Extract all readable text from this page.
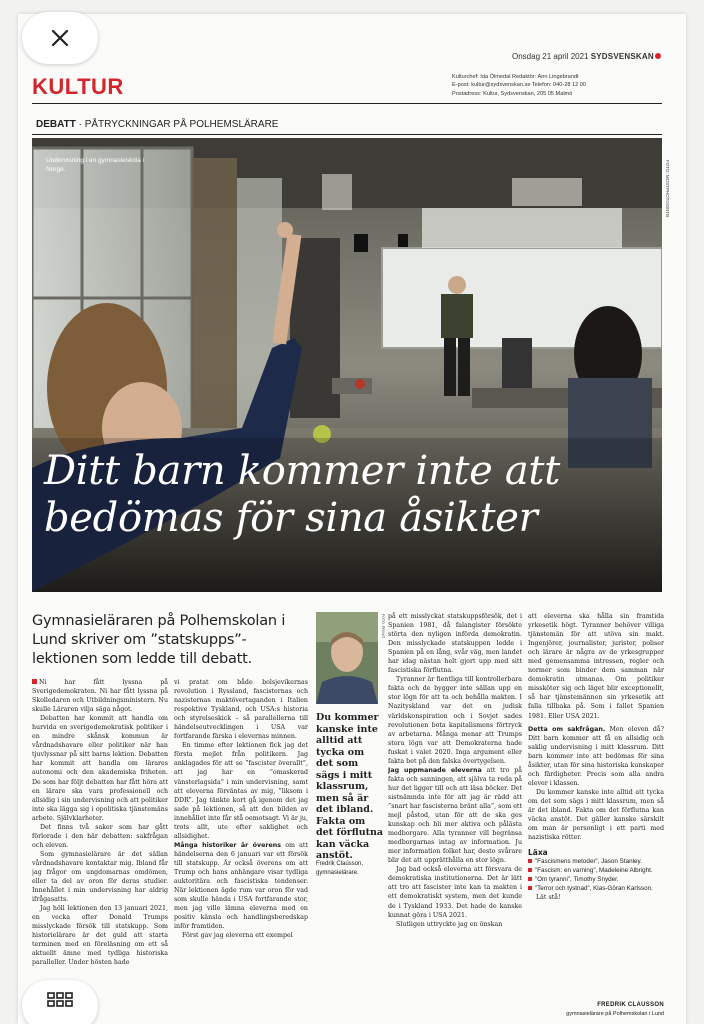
Onsdag 21 april 2021 SYDSVENSKAN
KULTUR	Kulturchef: Ida Ölmedal Redaktör: Ann Lingebrandt
E-post: kultur@sydsvenskan.se Telefon: 040-28 12 00
Postadress: Kultur, Sydsvenskan, 205 05 Malmö
DEBATT · PÅTRYCKNINGAR PÅ POLHEMSLÄRARE
Undervisning i en gymnasieskola i Norge.	FOTO: MOSTPHOTOS/NTB
Ditt barn kommer inte att
bedömas för sina åsikter
Gymnasieläraren på Polhemskolan i Lund skriver om ”statskupps”-lektionen som ledde till debatt.

Ni har fått lyssna på Sverigedemokraten. Ni har fått lyssna på Skolledaren och Utbildningsministern. Nu skulle Läraren vilja säga något.

Debatten har kommit att handla om hurvida en sverigedemokratisk politiker i en mindre skånsk kommun är vårdnadshavare eller politiker när han tjuvlyssnar på sitt barns lektion. Debatten har kommit att handla om lärares autonomi och den akademiska friheten. De som har följt debatten har fått höra att en lärare ska vara professionell och allsidig i sin undervisning och att politiker inte ska lägga sig i opolitiska tjänstemäns arbete. Självklarheter.

Det finns två saker som har gått förlorade i den här debatten: sakfrågan och eleven.

Som gymnasielärare är det sällan vårdnadshavare kontaktar mig. Ibland får jag frågor om ungdomarnas omdömen, eller ta del av oron för deras studier. Innehållet i min undervisning har aldrig ifrågasatts.

Jag höll lektionen den 13 januari 2021, en vecka efter Donald Trumps misslyckade försök till statskupp. Som historielärare är det guld att starta terminen med en föreläsning om ett så aktuellt ämne med tydliga historiska paralleller. Under hösten hade

vi pratat om både bolsjevikernas revolution i Ryssland, fascisternas och nazisternas maktövertaganden i Italien respektive Tyskland, och USA:s historia och styrelseskick – så parallellerna till händelseutvecklingen i USA var fortfarande färska i elevernas minnen.

En timme efter lektionen fick jag det första mejlet från politikern. Jag anklagades för att se ”fascister överallt”, att jag har en ”omaskerad vänsterlagsida” i min undervisning, samt att eleverna förväntas av mig, ”liksom i DDR”. Jag tänkte kort gå igenom det jag sade på lektionen, så att den bilden av innehållet inte får stå oemotsagt. Vi är ju, trots allt, ute efter saklighet och allsidighet.

Många historiker är överens om att händelserna den 6 januari var ett försök till statskupp. Är också överens om att Trump och hans anhängare visar tydliga auktoritära och fascistiska tendenser. När lektionen ägde rum var oron för vad som skulle hända i USA fortfarande stor, men jag ville lämna eleverna med en positiv känsla och handlingsberedskap inför framtiden.

Först gav jag eleverna ett exempel

FOTO: PRIVAT
Du kommer kanske inte alltid att tycka om det som sägs i mitt klassrum, men så är det ibland. Fakta om det förflutna kan väcka anstöt.
Fredrik Claússon,
gymnasielärare.

på ett misslyckat statskuppsförsök, det i Spanien 1981, då falangister försökte störta den nyligen införda demokratin. Den misslyckade statskuppen ledde i Spanien på en lång, svår väg, men landet har idag nästan helt gjort upp med sitt fascistiska förflutna.

Tyranner är fientliga till kontrollerbara fakta och de bygger inte sällan upp en stor lögn för att ta och behålla makten. I Nazityskland var det en judisk världskonspiration och i Sovjet sades revolutionen bota kapitalismens förtryck av arbetarna. Många menar att Trumps stora lögn var att Demokraterna hade fuskat i valet 2020. Inga argument eller fakta bet på den falska övertygelsen.

Jag uppmanade eleverna att tro på fakta och sanningen, att själva ta reda på hur det ligger till och att läsa böcker. Det sistnämnda inte för att jag är rädd att ”snart har fascisterna bränt alla”, som ett mejl påstod, utan för att de ska ges kunskap och bli mer aktiva och pålästa medborgare. Alla tyranner vill begränsa medborgarnas intag av information. Ju mer information folket har, desto svårare blir det att upprätthålla en stor lögn.

Jag bad också eleverna att försvara de demokratiska institutionerna. Det är lätt att tro att fascister inte kan ta makten i ett demokratiskt system, men det kunde de i Tyskland 1933. Det hade de kanske kunnat göra i USA 2021.

Slutligen uttryckte jag en önskan

att eleverna ska hålla sin framtida yrkesetik högt. Tyranner behöver villiga tjänstemän för att utöva sin makt. Ingenjörer, journalister, jurister, poliser och lärare är några av de yrkesgrupper med gemensamma intressen, regler och normer som binder dem samman när demokratin utmanas. Om politiker missköter sig och läget blir exceptionellt, så har tjänstemännen sin yrkesetik att falla tillbaka på. Som i fallet Spanien 1981. Eller USA 2021.

Detta om sakfrågan. Men eleven då? Ditt barn kommer att få en allsidig och saklig undervisning i mitt klassrum. Ditt barn kommer inte att bedömas för sina åsikter, utan för sina historiska kunskaper och färdigheter. Precis som alla andra elever i klassen.

Du kommer kanske inte alltid att tycka om det som sägs i mitt klassrum, men så är det ibland. Fakta om det förflutna kan väcka anstöt. Det gäller kanske särskilt om man är personligt i ett parti med nazistiska rötter.

Läxa
”Fascismens metoder”, Jason Stanley.
”Fascism: en varning”, Madeleine Albright.
”Om tyranni”, Timothy Snyder.
”Terror och tystnad”, Klas-Göran Karlsson.

Lät stå!

FREDRIK CLAUSSON
gymnasielärare på Polhemskolan i Lund
